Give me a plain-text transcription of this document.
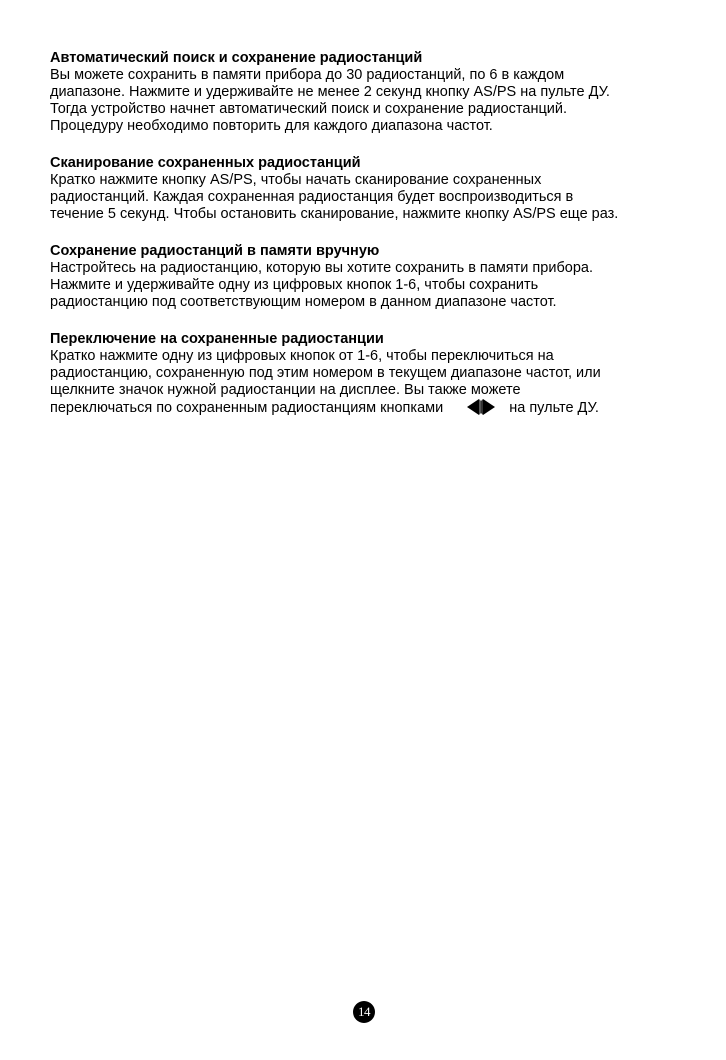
Автоматический поиск и сохранение радиостанций

Вы можете сохранить в памяти прибора до 30 радиостанций, по 6 в каждом

диапазоне. Нажмите и удерживайте не менее 2 секунд кнопку AS/PS на пульте ДУ.

Тогда устройство начнет автоматический поиск и сохранение радиостанций.

Процедуру необходимо повторить для каждого диапазона частот.

Сканирование сохраненных радиостанций

Кратко нажмите кнопку AS/PS, чтобы начать сканирование сохраненных

радиостанций. Каждая сохраненная радиостанция будет воспроизводиться в

течение 5 секунд. Чтобы остановить сканирование, нажмите кнопку AS/PS еще раз.

Сохранение радиостанций в памяти вручную

Настройтесь на радиостанцию, которую вы хотите сохранить в памяти прибора.

Нажмите и удерживайте одну из цифровых кнопок 1-6, чтобы сохранить

радиостанцию под соответствующим номером в данном диапазоне частот.

Переключение на сохраненные радиостанции

Кратко нажмите одну из цифровых кнопок от 1-6, чтобы переключиться на

радиостанцию, сохраненную под этим номером в текущем диапазоне частот, или

щелкните значок нужной радиостанции на дисплее. Вы также можете

переключаться по сохраненным радиостанциям кнопками	на пульте ДУ.

14
